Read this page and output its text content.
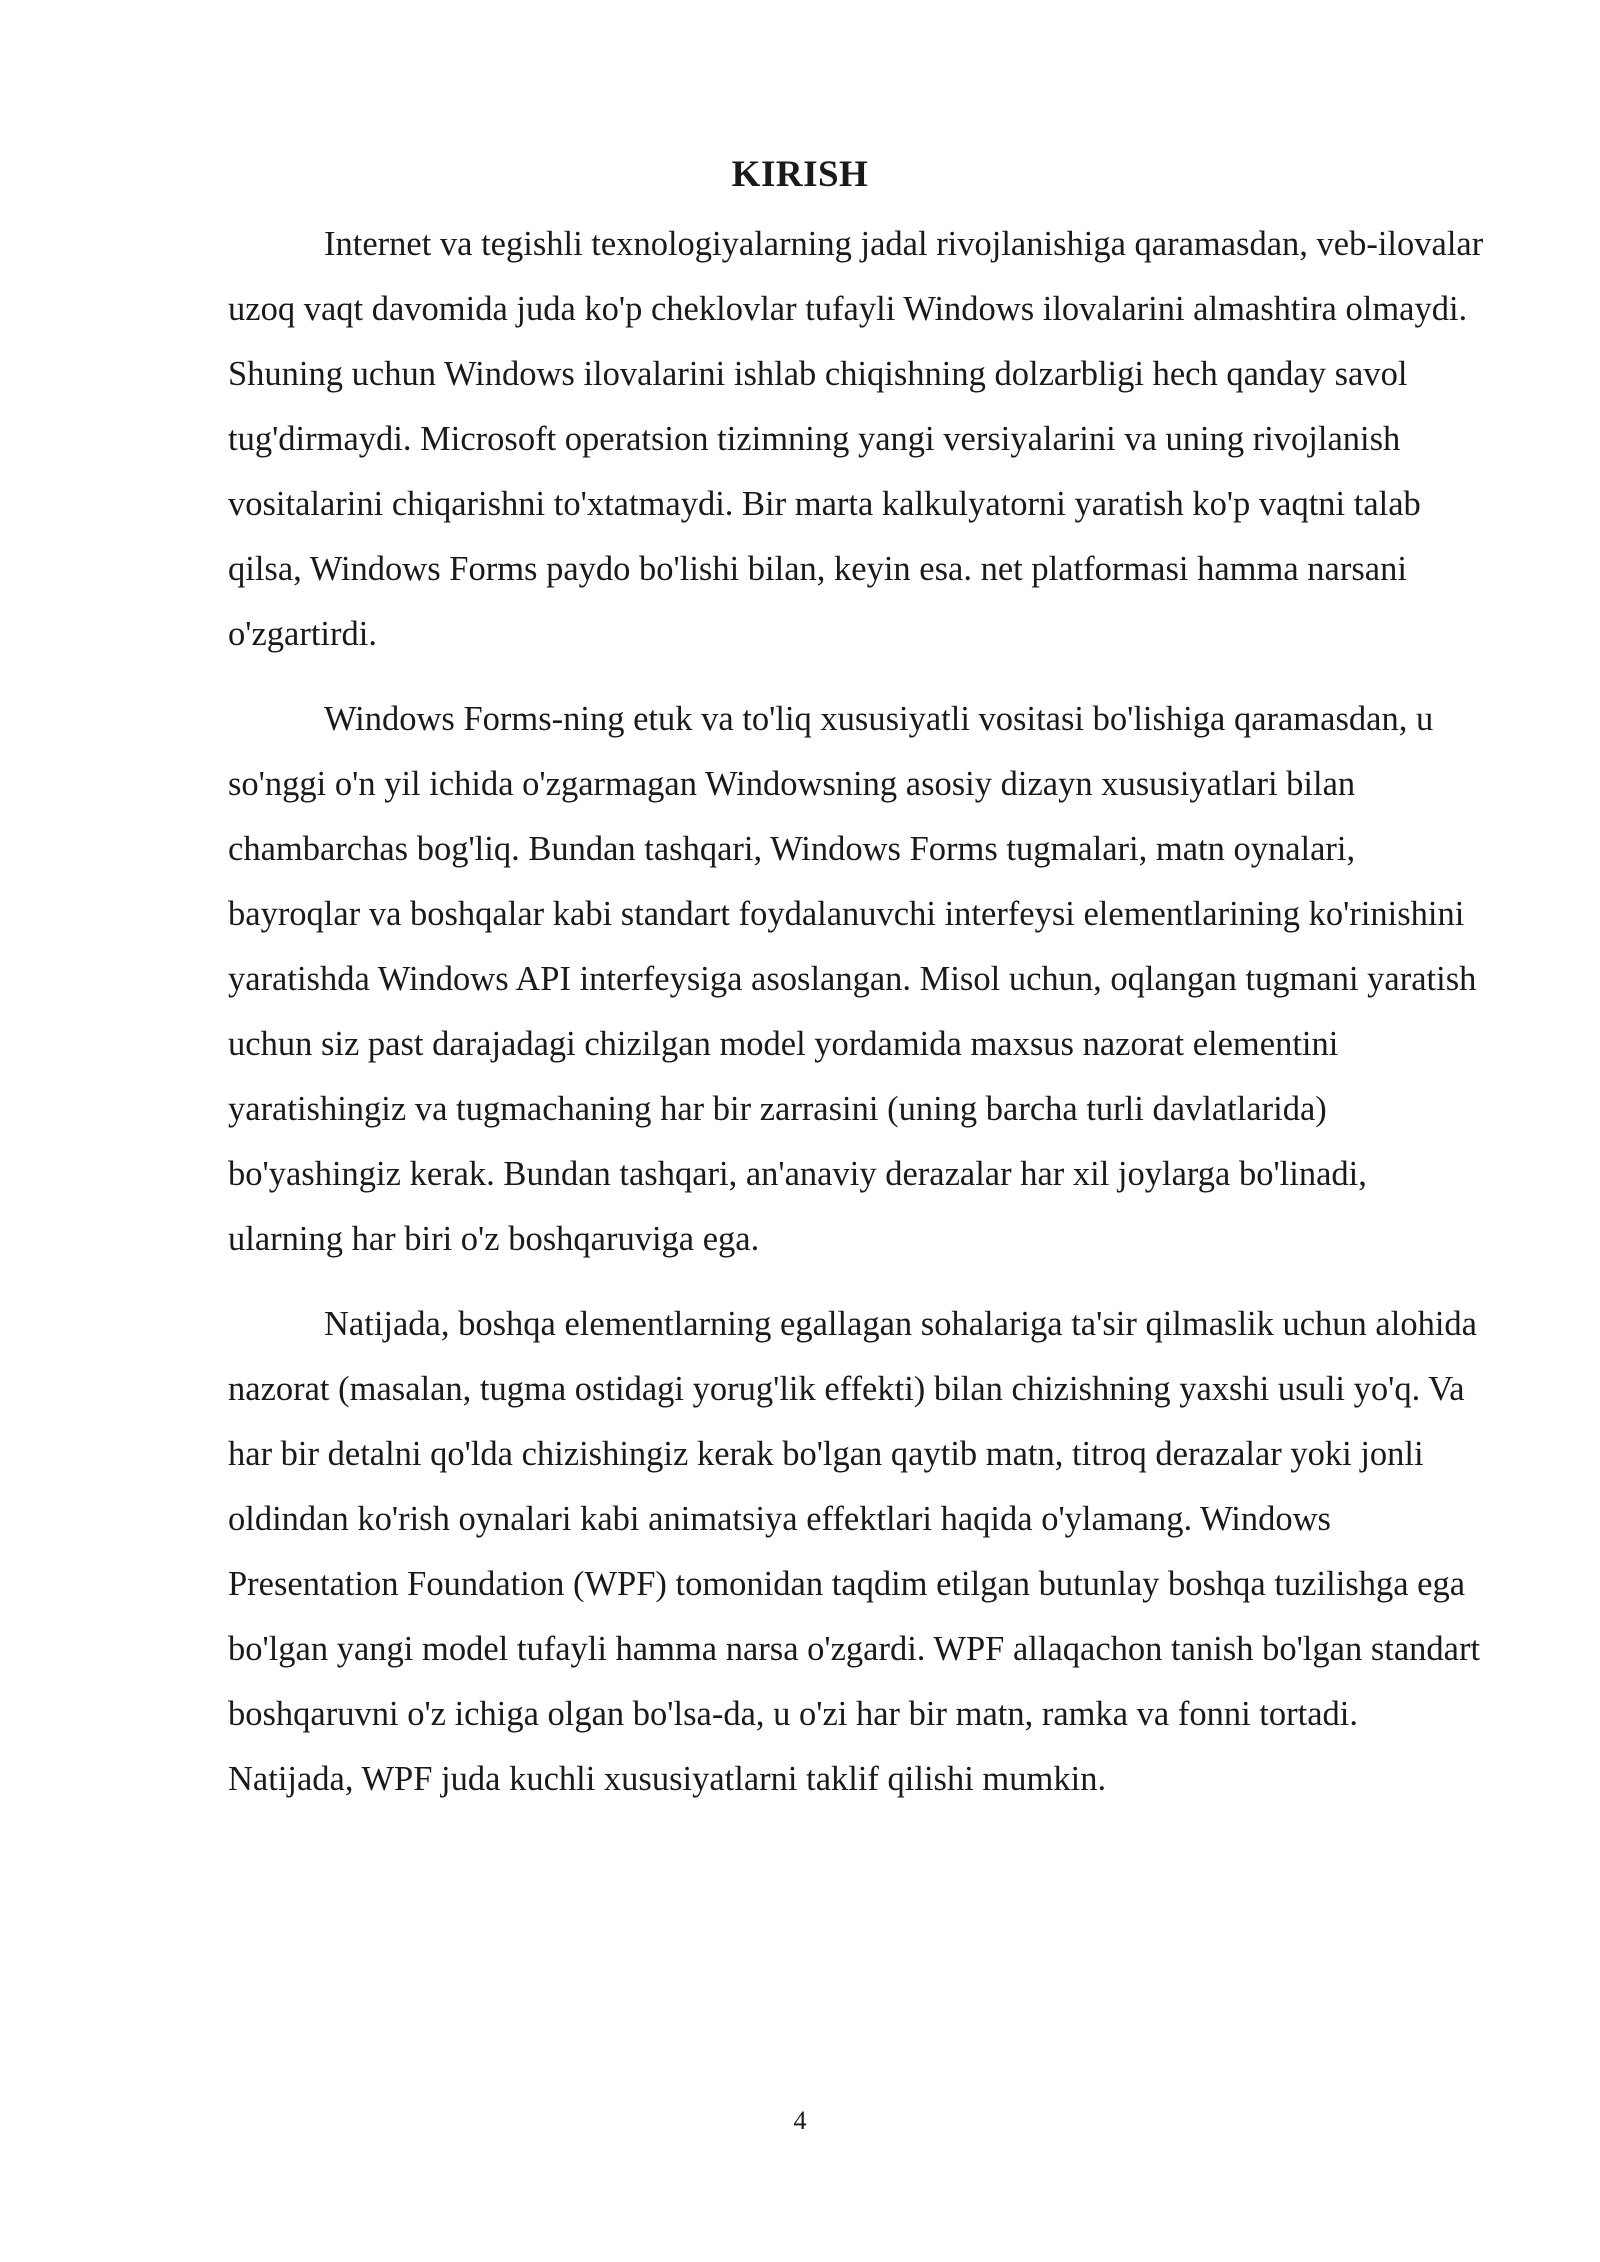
KIRISH

Internet va tegishli texnologiyalarning jadal rivojlanishiga qaramasdan, veb-ilovalar uzoq vaqt davomida juda ko'p cheklovlar tufayli Windows ilovalarini almashtira olmaydi. Shuning uchun Windows ilovalarini ishlab chiqishning dolzarbligi hech qanday savol tug'dirmaydi. Microsoft operatsion tizimning yangi versiyalarini va uning rivojlanish vositalarini chiqarishni to'xtatmaydi. Bir marta kalkulyatorni yaratish ko'p vaqtni talab qilsa, Windows Forms paydo bo'lishi bilan, keyin esa. net platformasi hamma narsani o'zgartirdi.

Windows Forms-ning etuk va to'liq xususiyatli vositasi bo'lishiga qaramasdan, u so'nggi o'n yil ichida o'zgarmagan Windowsning asosiy dizayn xususiyatlari bilan chambarchas bog'liq. Bundan tashqari, Windows Forms tugmalari, matn oynalari, bayroqlar va boshqalar kabi standart foydalanuvchi interfeysi elementlarining ko'rinishini yaratishda Windows API interfeysiga asoslangan. Misol uchun, oqlangan tugmani yaratish uchun siz past darajadagi chizilgan model yordamida maxsus nazorat elementini yaratishingiz va tugmachaning har bir zarrasini (uning barcha turli davlatlarida) bo'yashingiz kerak. Bundan tashqari, an'anaviy derazalar har xil joylarga bo'linadi, ularning har biri o'z boshqaruviga ega.

Natijada, boshqa elementlarning egallagan sohalariga ta'sir qilmaslik uchun alohida nazorat (masalan, tugma ostidagi yorug'lik effekti) bilan chizishning yaxshi usuli yo'q. Va har bir detalni qo'lda chizishingiz kerak bo'lgan qaytib matn, titroq derazalar yoki jonli oldindan ko'rish oynalari kabi animatsiya effektlari haqida o'ylamang. Windows Presentation Foundation (WPF) tomonidan taqdim etilgan butunlay boshqa tuzilishga ega bo'lgan yangi model tufayli hamma narsa o'zgardi. WPF allaqachon tanish bo'lgan standart boshqaruvni o'z ichiga olgan bo'lsa-da, u o'zi har bir matn, ramka va fonni tortadi. Natijada, WPF juda kuchli xususiyatlarni taklif qilishi mumkin.

4
